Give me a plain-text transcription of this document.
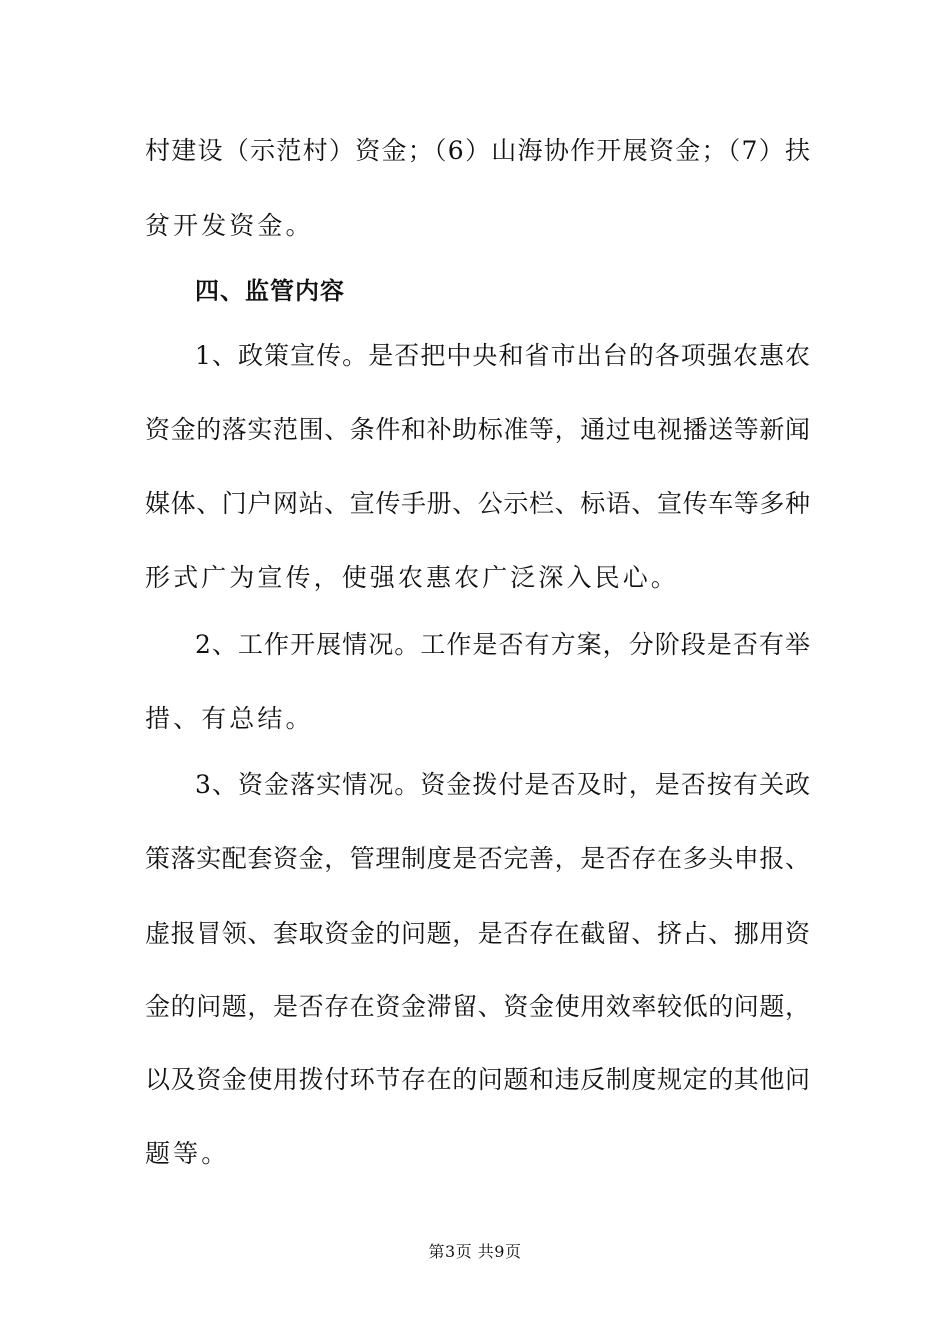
村建设（示范村）资金；（6）山海协作开展资金；（7）扶
贫开发资金。
四、监管内容
1、政策宣传。是否把中央和省市出台的各项强农惠农
资金的落实范围、条件和补助标准等，通过电视播送等新闻
媒体、门户网站、宣传手册、公示栏、标语、宣传车等多种
形式广为宣传，使强农惠农广泛深入民心。
2、工作开展情况。工作是否有方案，分阶段是否有举
措、有总结。
3、资金落实情况。资金拨付是否及时，是否按有关政
策落实配套资金，管理制度是否完善，是否存在多头申报、
虚报冒领、套取资金的问题，是否存在截留、挤占、挪用资
金的问题，是否存在资金滞留、资金使用效率较低的问题，
以及资金使用拨付环节存在的问题和违反制度规定的其他问
题等。
第3页 共9页
